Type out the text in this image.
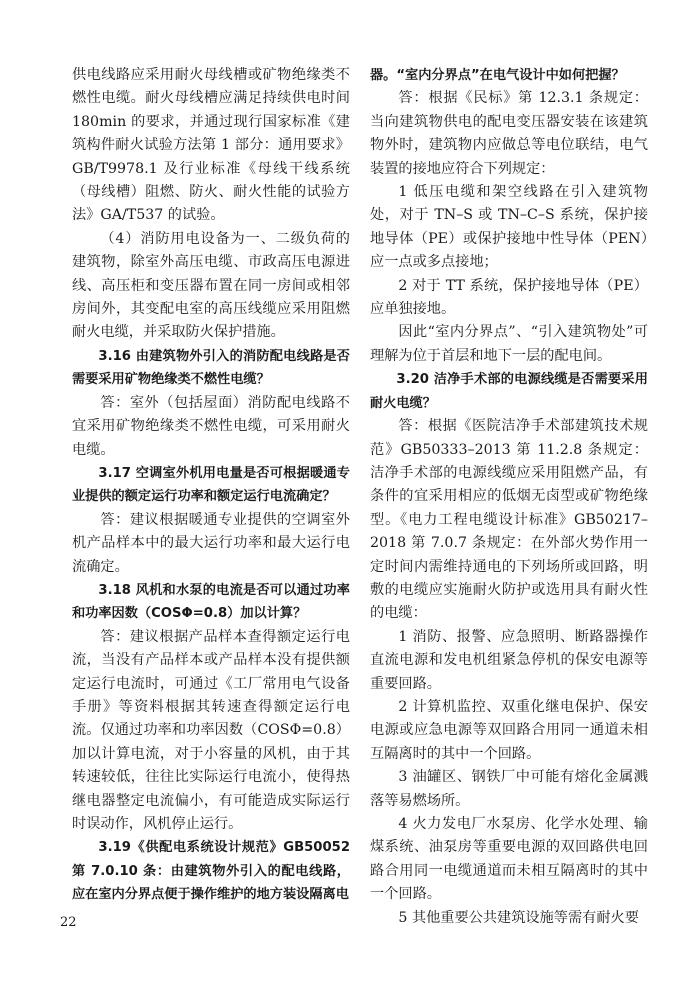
供电线路应采用耐火母线槽或矿物绝缘类不燃性电缆。耐火母线槽应满足持续供电时间180min 的要求，并通过现行国家标准《建筑构件耐火试验方法第 1 部分：通用要求》GB/T9978.1 及行业标准《母线干线系统（母线槽）阻燃、防火、耐火性能的试验方法》GA/T537 的试验。

（4）消防用电设备为一、二级负荷的建筑物，除室外高压电缆、市政高压电源进线、高压柜和变压器布置在同一房间或相邻房间外，其变配电室的高压线缆应采用阻燃耐火电缆，并采取防火保护措施。

3.16 由建筑物外引入的消防配电线路是否需要采用矿物绝缘类不燃性电缆？

答：室外（包括屋面）消防配电线路不宜采用矿物绝缘类不燃性电缆，可采用耐火电缆。

3.17 空调室外机用电量是否可根据暖通专业提供的额定运行功率和额定运行电流确定？

答：建议根据暖通专业提供的空调室外机产品样本中的最大运行功率和最大运行电流确定。

3.18 风机和水泵的电流是否可以通过功率和功率因数（COSΦ=0.8）加以计算？

答：建议根据产品样本查得额定运行电流，当没有产品样本或产品样本没有提供额定运行电流时，可通过《工厂常用电气设备手册》等资料根据其转速查得额定运行电流。仅通过功率和功率因数（COSΦ=0.8）加以计算电流，对于小容量的风机，由于其转速较低，往往比实际运行电流小，使得热继电器整定电流偏小，有可能造成实际运行时误动作，风机停止运行。

3.19《供配电系统设计规范》GB50052 第 7.0.10 条：由建筑物外引入的配电线路，应在室内分界点便于操作维护的地方装设隔离电

器。“室内分界点”在电气设计中如何把握？

答：根据《民标》第 12.3.1 条规定：当向建筑物供电的配电变压器安装在该建筑物外时，建筑物内应做总等电位联结，电气装置的接地应符合下列规定：

1 低压电缆和架空线路在引入建筑物处，对于 TN–S 或 TN–C–S 系统，保护接地导体（PE）或保护接地中性导体（PEN）应一点或多点接地；

2 对于 TT 系统，保护接地导体（PE）应单独接地。

因此“室内分界点”、“引入建筑物处”可理解为位于首层和地下一层的配电间。

3.20 洁净手术部的电源线缆是否需要采用耐火电缆？

答：根据《医院洁净手术部建筑技术规范》GB50333–2013 第 11.2.8 条规定：洁净手术部的电源线缆应采用阻燃产品，有条件的宜采用相应的低烟无卤型或矿物绝缘型。《电力工程电缆设计标准》GB50217–2018 第 7.0.7 条规定：在外部火势作用一定时间内需维持通电的下列场所或回路，明敷的电缆应实施耐火防护或选用具有耐火性的电缆：

1 消防、报警、应急照明、断路器操作直流电源和发电机组紧急停机的保安电源等重要回路。

2 计算机监控、双重化继电保护、保安电源或应急电源等双回路合用同一通道未相互隔离时的其中一个回路。

3 油罐区、钢铁厂中可能有熔化金属溅落等易燃场所。

4 火力发电厂水泵房、化学水处理、输煤系统、油泵房等重要电源的双回路供电回路合用同一电缆通道而未相互隔离时的其中一个回路。

5 其他重要公共建筑设施等需有耐火要

22
